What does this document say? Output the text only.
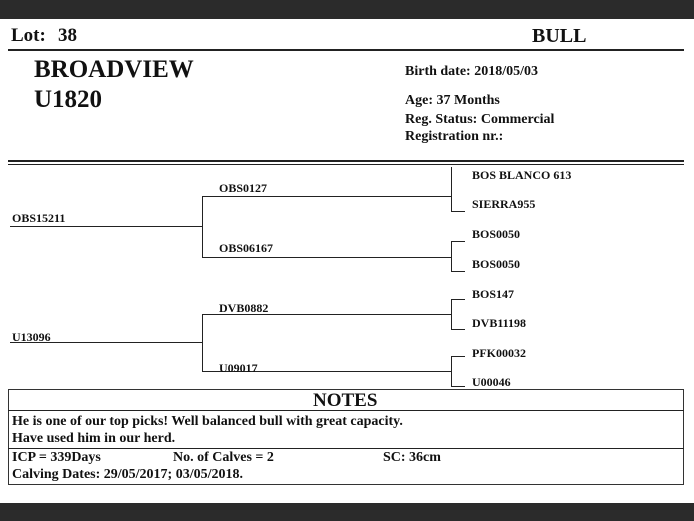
Lot: 38	BULL
BROADVIEW
U1820
Birth date: 2018/05/03
Age: 37 Months
Reg. Status: Commercial
Registration nr.:
OBS15211
U13096
OBS0127
OBS06167
DVB0882
U09017
BOS BLANCO 613
SIERRA955
BOS0050
BOS0050
BOS147
DVB11198
PFK00032
U00046
NOTES
He is one of our top picks! Well balanced bull with great capacity.
Have used him in our herd.
ICP = 339Days	No. of Calves = 2	SC: 36cm
Calving Dates: 29/05/2017; 03/05/2018.
